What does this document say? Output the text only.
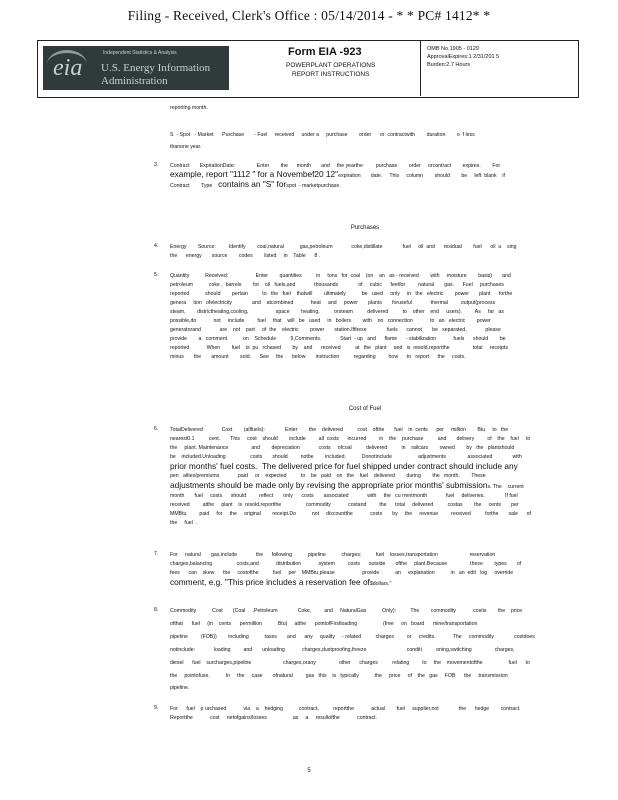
Filing - Received, Clerk's Office : 05/14/2014 - * * PC# 1412* *
eia
Independent Statistics & Analysis
U.S. Energy Information
Administration
Form EIA -923
POWERPLANT OPERATIONS
REPORT INSTRUCTIONS
OMB No.1905 - 0129
ApprovalExpires:1 2/31/201 5
Burden:2.7 Hours
reporting month.
S  - Spot   - Market      Purchase       - Fuel     received     under a     purchase        order      or  contractwith        duration        o  f less
thanone year.
3. Contract       ExpirationDate:               Enter        the      month       and     the yearthe         purchase        order     orcontract        expires.        For
example, report "1112 " for a Novembef20 12"expiration       date.     This     column        should        be     left  blank    if
Contract        Type contains an "S" forspot  - marketpurchase.
Purchases
4. Energy        Source:         Identify        coal,natural           gas,petroleum             coke,distillate              fuel     oil  and      residual        fuel      oil  u    sing
the      energy       source        codes        listed     in    Table      8 .
5. Quantity           Received:                   Enter        quantities          in     tons   for  coal    (on    an   as - received        with     moisture        basis)       and
petroleum           coke ,  barrels        for    oil   fuels,and             thousands              of     cubic      feetfor         natural       gas.      Fuel     purchases
reported           should        pertain          to   the   fuel    thatwill        ultimately           be   used     only     in   the   electric        power       plant      forthe
genera     tion   ofelectricity              and    atcombined            heat     and     power       plants       foruseful             thermal         output(process
steam,        districtheating,cooling,                   space        heating,          orsteam          delivered          to    other    end     users).         As     far   as
possible,do            not     include         fuel     that    will   be   used     in   boilers        with    no   connection            to   an   electric        power
generatorand             are    not    part     of  the    electric        power       station.Ifthese              fuels      cannot       be   separated,             please
provide        a   comment           on    Schedule          9,Comments.             Start  - up   and      flame      - stabilization            fuels      should        be
reported.           When        fuel    is  pu   rchased        by    and      received          at   the   plant     and   is  resold,reportthe                total     receipts
minus       the       amount        sold.      See     the      below       instruction          regarding         how      to   report      the     costs.
Cost of Fuel
6. TotalDelivered             Cost        (allfuels):              Enter        the    delivered          cost    ofthe       fuel    in  cents      per     million        Btu     to   the
nearest0.1          cent.       This     cost    should        include         all  costs      incurred         in    the    purchase          and       delivery         of    the    fuel     to
the     plant. Maintenance                and        depreciation             costs     ofcoal          delivered          in    railcars        owned        by   the   plantshould
be    included.Unloading                 costs       should         notbe        included.           Donotinclude                  adjustments               associated              with
prior months' fuel costs.  The delivered price for fuel shipped under contract should include any
pen   alties/premiums             paid     or    expected          to    be   paid    on   the    fuel    delivered        during        the   month.        These
adjustments should be made only by revising the appropriate prior months' submissions. The    current
month       fuel     costs      should         reflect       only      costs       associated             with     the   cu rrentmonth             fuel     deliveries.              If fuel
received         atthe     plant    is  resold,reportthe                 commodity            costand         the      total     delivered          costas        the     cents       per
MMBtu         paid     for     the     original        receipt.Do           not     discountthe            costs       by     the     revenue         received          forthe       sale      of
the     fuel  .
7. For     natural       gas,include             the      following           pipeline           charges:          fuel    losses,transportation                      reservation
charges,balancing                 costs,and            distribution            system         costs      outside       ofthe     plant.Because                these        types       of
fees      can    skew      the     costofthe          fuel     per    MMBtu,please                   provide           an     explanation           in   an  edit   log     override
comment, e.g. "This price includes a reservation fee of$dollars."
8. Commodity           Cost       (Coal     ,Petroleum              Coke,         and     NaturalGas           Only):          The        commodity            costis        the    price
ofthat      fuel     (in    cents      permillion           Btu)     atthe      pointofFirstloading                  (free     on   board      mine/transportation
pipeline         (FOB))        including           taxes       and      any     quality     - related          charges         or     credits.            The     commodity              costdoes
notinclude:             loading         and       unloading            charges,dustproofing,freeze                            conditi          oning,switching                charges,
diesel      fuel    surcharges,pipeline                      charges,orany                other      charges          relating         to     the    movementofthe                  fuel      to
the     pointofuse.           In     the     case       ofnatural         gas   this    is   typically           the     price     of    the   gas     FOB      the     transmission
pipeline.
9. For      fuel    p urchased            via    a    hedging           contract,          reportthe            actual        fuel     supplier,not              the      hedge        contract.
Reportthe            cost     netofgains/losses                  as     a     resultofthe            contract.
5
